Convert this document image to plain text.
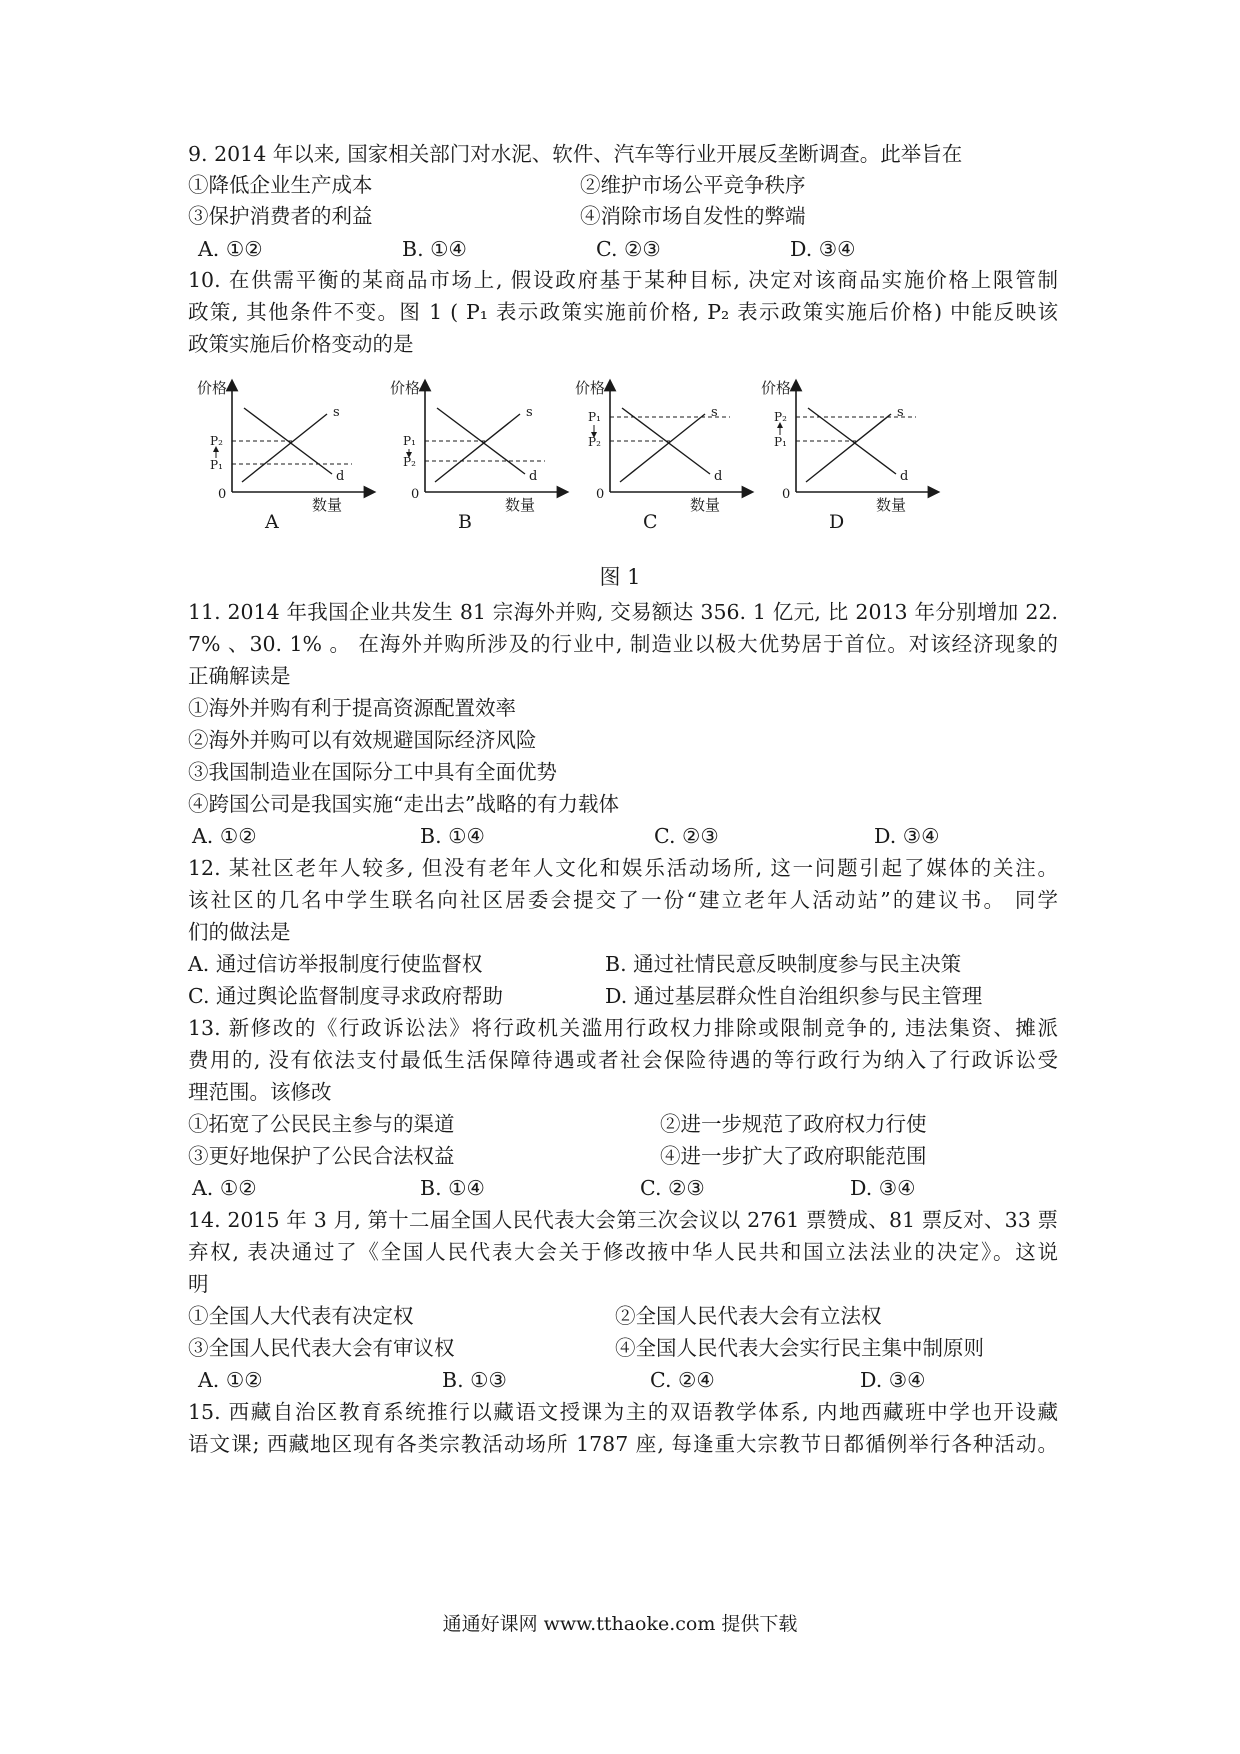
9. 2014 年以来, 国家相关部门对水泥、软件、汽车等行业开展反垄断调查。此举旨在
①降低企业生产成本	②维护市场公平竞争秩序
③保护消费者的利益	④消除市场自发性的弊端
A. ①②	B. ①④	C. ②③	D. ③④
10. 在供需平衡的某商品市场上, 假设政府基于某种目标, 决定对该商品实施价格上限管制
政策, 其他条件不变。图 1 ( P₁ 表示政策实施前价格, P₂ 表示政策实施后价格) 中能反映该
政策实施后价格变动的是
价格
数量
0
s
d
P₂
P₁
A
价格
数量
0
s
d
P₁
P₂
B
价格
数量
0
s
d
P₁
P₂
C
价格
数量
0
s
d
P₂
P₁
D
图 1
11. 2014 年我国企业共发生 81 宗海外并购, 交易额达 356. 1 亿元, 比 2013 年分别增加 22.
7% 、30. 1% 。 在海外并购所涉及的行业中, 制造业以极大优势居于首位。对该经济现象的
正确解读是
①海外并购有利于提高资源配置效率
②海外并购可以有效规避国际经济风险
③我国制造业在国际分工中具有全面优势
④跨国公司是我国实施“走出去”战略的有力载体
A. ①②	B. ①④	C. ②③	D. ③④
12. 某社区老年人较多, 但没有老年人文化和娱乐活动场所, 这一问题引起了媒体的关注。
该社区的几名中学生联名向社区居委会提交了一份“建立老年人活动站”的建议书。 同学
们的做法是
A. 通过信访举报制度行使监督权	B. 通过社情民意反映制度参与民主决策
C. 通过舆论监督制度寻求政府帮助	D. 通过基层群众性自治组织参与民主管理
13. 新修改的《行政诉讼法》将行政机关滥用行政权力排除或限制竞争的, 违法集资、摊派
费用的, 没有依法支付最低生活保障待遇或者社会保险待遇的等行政行为纳入了行政诉讼受
理范围。该修改
①拓宽了公民民主参与的渠道	②进一步规范了政府权力行使
③更好地保护了公民合法权益	④进一步扩大了政府职能范围
A. ①②	B. ①④	C. ②③	D. ③④
14. 2015 年 3 月, 第十二届全国人民代表大会第三次会议以 2761 票赞成、81 票反对、33 票
弃权, 表决通过了《全国人民代表大会关于修改掖中华人民共和国立法法业的决定》。这说
明
①全国人大代表有决定权	②全国人民代表大会有立法权
③全国人民代表大会有审议权	④全国人民代表大会实行民主集中制原则
A. ①②	B. ①③	C. ②④	D. ③④
15. 西藏自治区教育系统推行以藏语文授课为主的双语教学体系, 内地西藏班中学也开设藏
语文课; 西藏地区现有各类宗教活动场所 1787 座, 每逢重大宗教节日都循例举行各种活动。
通通好课网 www.tthaoke.com 提供下载
